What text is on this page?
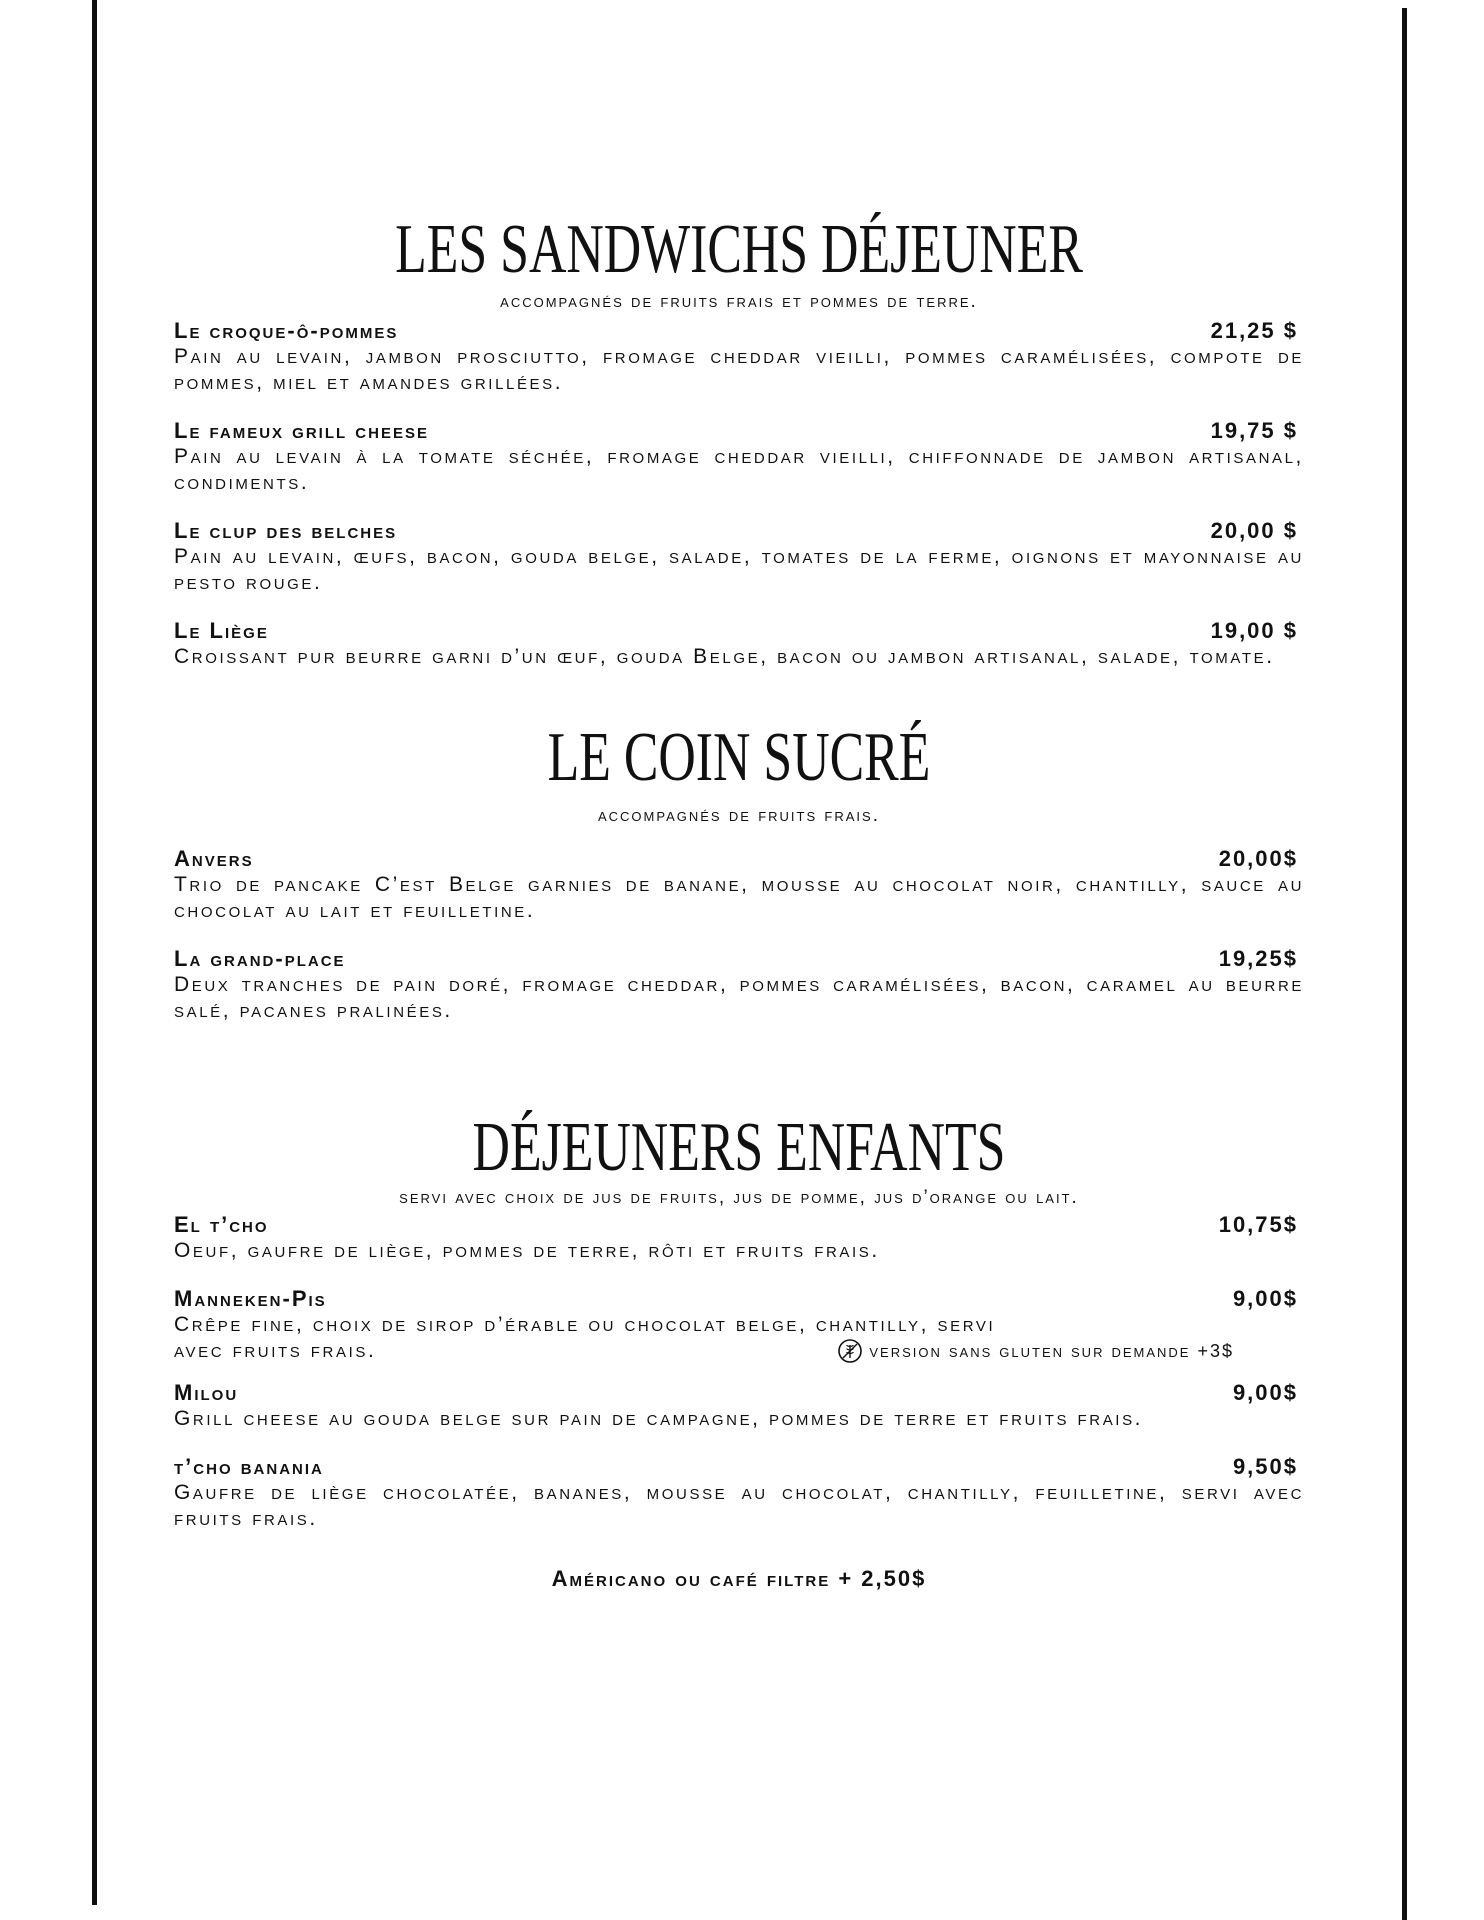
LES SANDWICHS DÉJEUNER

accompagnés de fruits frais et pommes de terre.

Le croque-ô-pommes	21,25 $

Pain au levain, jambon prosciutto, fromage cheddar vieilli, pommes caramélisées, compote de pommes, miel et amandes grillées.

Le fameux grill cheese	19,75 $

Pain au levain à la tomate séchée, fromage cheddar vieilli, chiffonnade de jambon artisanal, condiments.

Le clup des belches	20,00 $

Pain au levain, œufs, bacon, gouda belge, salade, tomates de la ferme, oignons et mayonnaise au pesto rouge.

Le Liège	19,00 $

Croissant pur beurre garni d’un œuf, gouda Belge, bacon ou jambon artisanal, salade, tomate.

LE COIN SUCRÉ

accompagnés de fruits frais.

Anvers	20,00$

Trio de pancake C’est Belge garnies de banane, mousse au chocolat noir, chantilly, sauce au chocolat au lait et feuilletine.

La grand-place	19,25$

Deux tranches de pain doré, fromage cheddar, pommes caramélisées, bacon, caramel au beurre salé, pacanes pralinées.

DÉJEUNERS ENFANTS

servi avec choix de jus de fruits, jus de pomme, jus d’orange ou lait.

El t’cho	10,75$

Oeuf, gaufre de liège, pommes de terre, rôti et fruits frais.

Manneken-Pis	9,00$

Crêpe fine, choix de sirop d’érable ou chocolat belge, chantilly, servi

avec fruits frais.	version sans gluten sur demande +3$
Milou	9,00$

Grill cheese au gouda belge sur pain de campagne, pommes de terre et fruits frais.

t’cho banania	9,50$

Gaufre de liège chocolatée, bananes, mousse au chocolat, chantilly, feuilletine, servi avec fruits frais.

Américano ou café filtre + 2,50$
